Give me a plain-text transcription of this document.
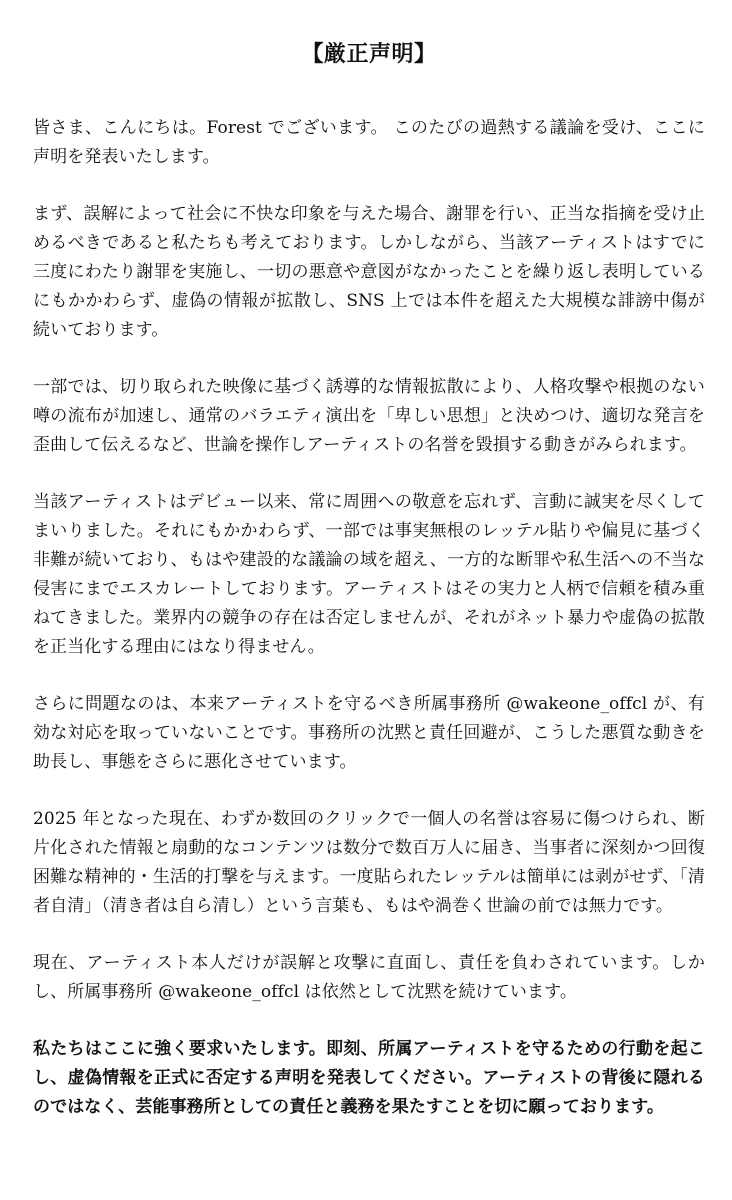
【厳正声明】

皆さま、こんにちは。Forest でございます。 このたびの過熱する議論を受け、ここに声明を発表いたします。

まず、誤解によって社会に不快な印象を与えた場合、謝罪を行い、正当な指摘を受け止めるべきであると私たちも考えております。しかしながら、当該アーティストはすでに三度にわたり謝罪を実施し、一切の悪意や意図がなかったことを繰り返し表明しているにもかかわらず、虚偽の情報が拡散し、SNS 上では本件を超えた大規模な誹謗中傷が続いております。

一部では、切り取られた映像に基づく誘導的な情報拡散により、人格攻撃や根拠のない噂の流布が加速し、通常のバラエティ演出を「卑しい思想」と決めつけ、適切な発言を歪曲して伝えるなど、世論を操作しアーティストの名誉を毀損する動きがみられます。

当該アーティストはデビュー以来、常に周囲への敬意を忘れず、言動に誠実を尽くしてまいりました。それにもかかわらず、一部では事実無根のレッテル貼りや偏見に基づく非難が続いており、もはや建設的な議論の域を超え、一方的な断罪や私生活への不当な侵害にまでエスカレートしております。アーティストはその実力と人柄で信頼を積み重ねてきました。業界内の競争の存在は否定しませんが、それがネット暴力や虚偽の拡散を正当化する理由にはなり得ません。

さらに問題なのは、本来アーティストを守るべき所属事務所 @wakeone_offcl が、有効な対応を取っていないことです。事務所の沈黙と責任回避が、こうした悪質な動きを助長し、事態をさらに悪化させています。

2025 年となった現在、わずか数回のクリックで一個人の名誉は容易に傷つけられ、断片化された情報と扇動的なコンテンツは数分で数百万人に届き、当事者に深刻かつ回復困難な精神的・生活的打撃を与えます。一度貼られたレッテルは簡単には剥がせず、「清者自清」（清き者は自ら清し）という言葉も、もはや渦巻く世論の前では無力です。

現在、アーティスト本人だけが誤解と攻撃に直面し、責任を負わされています。しかし、所属事務所 @wakeone_offcl は依然として沈黙を続けています。

私たちはここに強く要求いたします。即刻、所属アーティストを守るための行動を起こし、虚偽情報を正式に否定する声明を発表してください。アーティストの背後に隠れるのではなく、芸能事務所としての責任と義務を果たすことを切に願っております。
